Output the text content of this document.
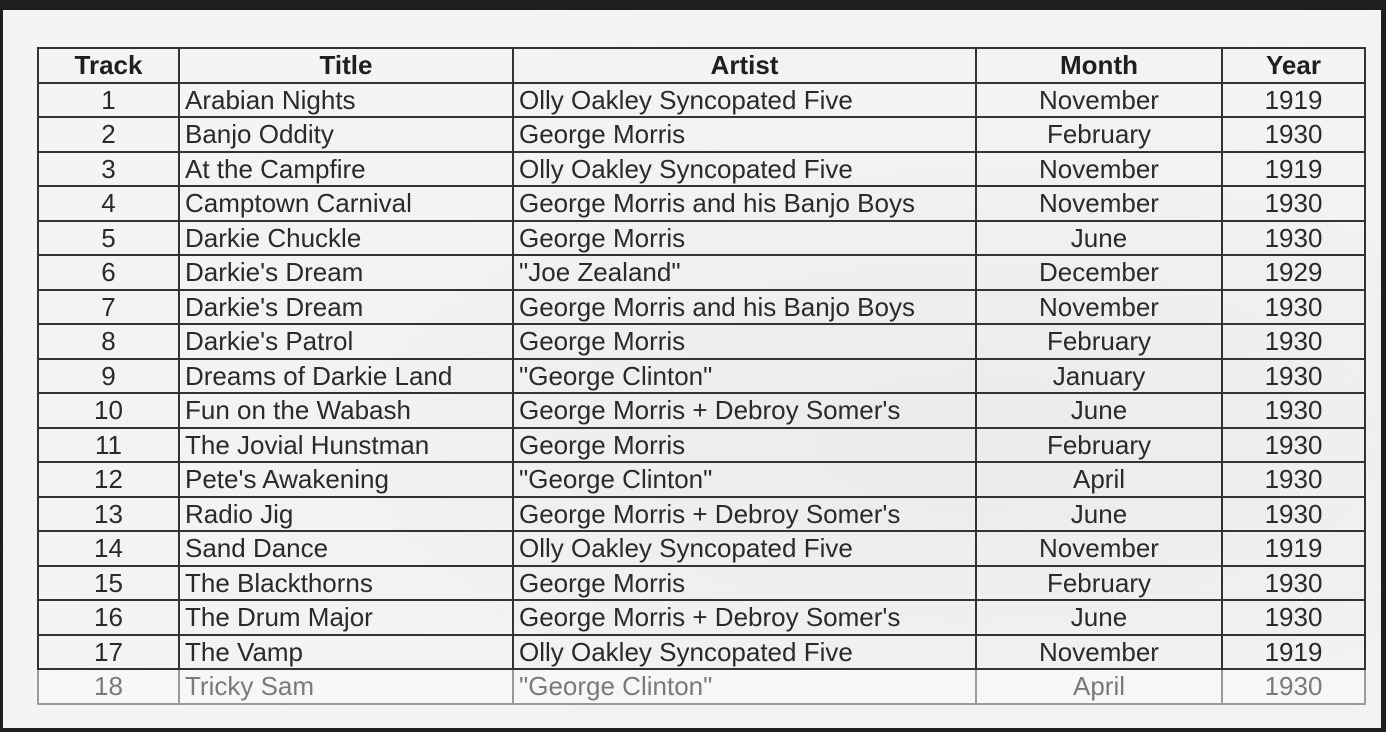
Track	Title	Artist	Month	Year
1	Arabian Nights	Olly Oakley Syncopated Five	November	1919
2	Banjo Oddity	George Morris	February	1930
3	At the Campfire	Olly Oakley Syncopated Five	November	1919
4	Camptown Carnival	George Morris and his Banjo Boys	November	1930
5	Darkie Chuckle	George Morris	June	1930
6	Darkie's Dream	"Joe Zealand"	December	1929
7	Darkie's Dream	George Morris and his Banjo Boys	November	1930
8	Darkie's Patrol	George Morris	February	1930
9	Dreams of Darkie Land	"George Clinton"	January	1930
10	Fun on the Wabash	George Morris + Debroy Somer's	June	1930
11	The Jovial Hunstman	George Morris	February	1930
12	Pete's Awakening	"George Clinton"	April	1930
13	Radio Jig	George Morris + Debroy Somer's	June	1930
14	Sand Dance	Olly Oakley Syncopated Five	November	1919
15	The Blackthorns	George Morris	February	1930
16	The Drum Major	George Morris + Debroy Somer's	June	1930
17	The Vamp	Olly Oakley Syncopated Five	November	1919
18	Tricky Sam	"George Clinton"	April	1930
